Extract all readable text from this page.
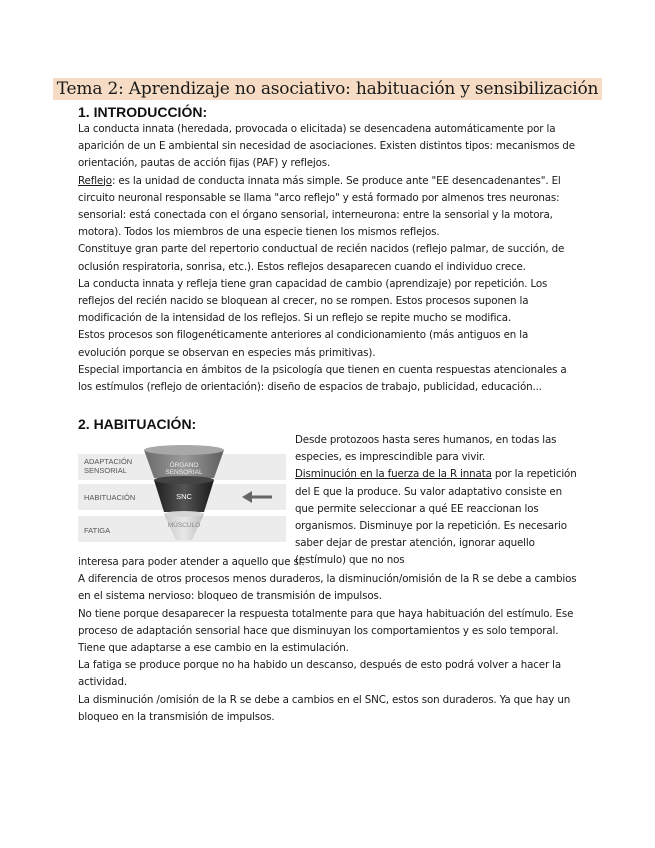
Tema 2: Aprendizaje no asociativo: habituación y sensibilización
1. INTRODUCCIÓN:

La conducta innata (heredada, provocada o elicitada) se desencadena automáticamente por la aparición de un E ambiental sin necesidad de asociaciones. Existen distintos tipos: mecanismos de orientación, pautas de acción fijas (PAF) y reflejos.

Reflejo: es la unidad de conducta innata más simple. Se produce ante "EE desencadenantes". El circuito neuronal responsable se llama "arco reflejo" y está formado por almenos tres neuronas: sensorial: está conectada con el órgano sensorial, interneurona: entre la sensorial y la motora, motora). Todos los miembros de una especie tienen los mismos reflejos.

Constituye gran parte del repertorio conductual de recién nacidos (reflejo palmar, de succión, de oclusión respiratoria, sonrisa, etc.). Estos reflejos desaparecen cuando el individuo crece.

La conducta innata y refleja tiene gran capacidad de cambio (aprendizaje) por repetición. Los reflejos del recién nacido se bloquean al crecer, no se rompen. Estos procesos suponen la modificación de la intensidad de los reflejos. Si un reflejo se repite mucho se modifica.

Estos procesos son filogenéticamente anteriores al condicionamiento (más antiguos en la evolución porque se observan en especies más primitivas).

Especial importancia en ámbitos de la psicología que tienen en cuenta respuestas atencionales a los estímulos (reflejo de orientación): diseño de espacios de trabajo, publicidad, educación...

2. HABITUACIÓN:
ADAPTACIÓN SENSORIAL
HABITUACIÓN
FATIGA
ÓRGANO SENSORIAL
SNC
MÚSCULO

Desde protozoos hasta seres humanos, en todas las especies, es imprescindible para vivir.

Disminución en la fuerza de la R innata por la repetición del E que la produce. Su valor adaptativo consiste en que permite seleccionar a qué EE reaccionan los organismos. Disminuye por la repetición. Es necesario saber dejar de prestar atención, ignorar aquello (estímulo) que no nos

interesa para poder atender a aquello que sí.

A diferencia de otros procesos menos duraderos, la disminución/omisión de la R se debe a cambios en el sistema nervioso: bloqueo de transmisión de impulsos.

No tiene porque desaparecer la respuesta totalmente para que haya habituación del estímulo. Ese proceso de adaptación sensorial hace que disminuyan los comportamientos y es solo temporal. Tiene que adaptarse a ese cambio en la estimulación.

La fatiga se produce porque no ha habido un descanso, después de esto podrá volver a hacer la actividad.

La disminución /omisión de la R se debe a cambios en el SNC, estos son duraderos. Ya que hay un bloqueo en la transmisión de impulsos.
